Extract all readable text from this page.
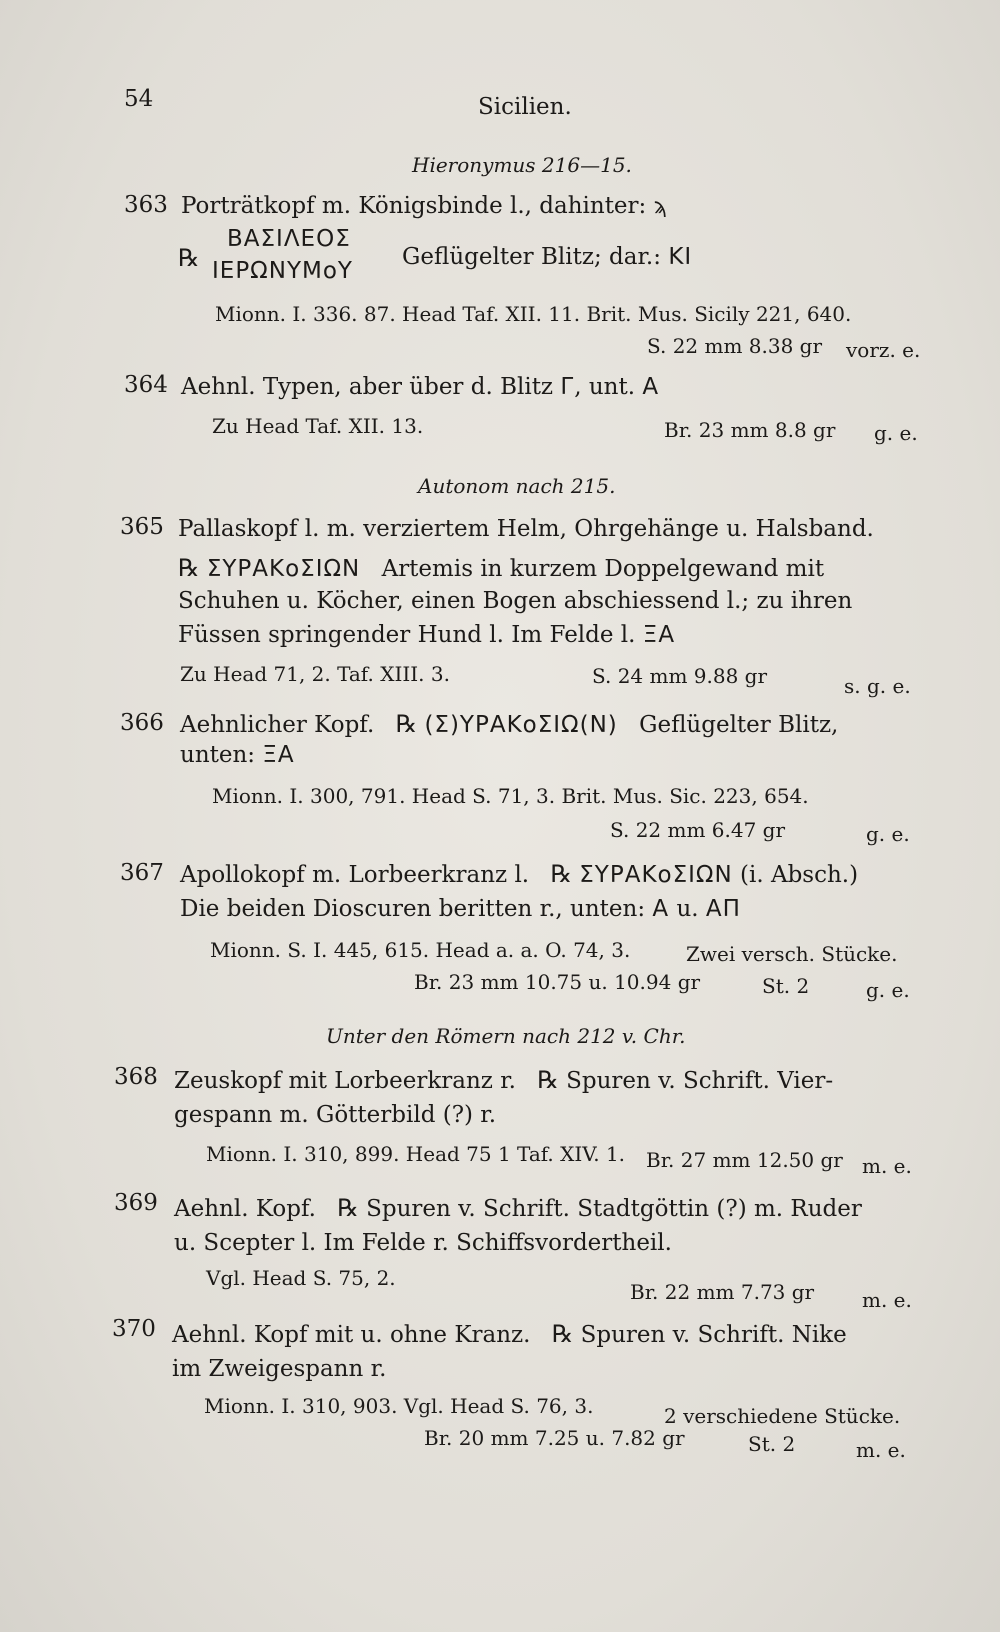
54	Sicilien.
Hieronymus 216—15.
363 Porträtkopf m. Königsbinde l., dahinter: ϡ
℞
ΒΑΣΙΛΕΟΣ
ΙΕΡΩΝΥΜοΥ
Geflügelter Blitz; dar.: ΚΙ
Mionn. I. 336. 87. Head Taf. XII. 11. Brit. Mus. Sicily 221, 640.
S. 22 mm 8.38 gr vorz. e.
364 Aehnl. Typen, aber über d. Blitz Γ, unt. Α
Zu Head Taf. XII. 13.	Br. 23 mm 8.8 gr g. e.
Autonom nach 215.
365 Pallaskopf l. m. verziertem Helm, Ohrgehänge u. Halsband.
℞ ΣΥΡΑΚοΣΙΩΝ Artemis in kurzem Doppelgewand mit
Schuhen u. Köcher, einen Bogen abschiessend l.; zu ihren
Füssen springender Hund l. Im Felde l. ΞΑ
Zu Head 71, 2. Taf. XIII. 3.	S. 24 mm 9.88 gr	s. g. e.
366 Aehnlicher Kopf. ℞ (Σ)ΥΡΑΚοΣΙΩ(Ν) Geflügelter Blitz,
unten: ΞΑ
Mionn. I. 300, 791. Head S. 71, 3. Brit. Mus. Sic. 223, 654.
S. 22 mm 6.47 gr	g. e.
367 Apollokopf m. Lorbeerkranz l. ℞ ΣΥΡΑΚοΣΙΩΝ (i. Absch.)
Die beiden Dioscuren beritten r., unten: Α u. ΑΠ
Mionn. S. I. 445, 615. Head a. a. O. 74, 3.	Zwei versch. Stücke.
Br. 23 mm 10.75 u. 10.94 gr	St. 2	g. e.
Unter den Römern nach 212 v. Chr.
368 Zeuskopf mit Lorbeerkranz r. ℞ Spuren v. Schrift. Vier-
gespann m. Götterbild (?) r.
Mionn. I. 310, 899. Head 75 1 Taf. XIV. 1. Br. 27 mm 12.50 gr m. e.
369 Aehnl. Kopf. ℞ Spuren v. Schrift. Stadtgöttin (?) m. Ruder
u. Scepter l. Im Felde r. Schiffsvordertheil.
Vgl. Head S. 75, 2.
Br. 22 mm 7.73 gr m. e.
370 Aehnl. Kopf mit u. ohne Kranz. ℞ Spuren v. Schrift. Nike
im Zweigespann r.
Mionn. I. 310, 903. Vgl. Head S. 76, 3.	2 verschiedene Stücke.
Br. 20 mm 7.25 u. 7.82 gr	St. 2	m. e.
